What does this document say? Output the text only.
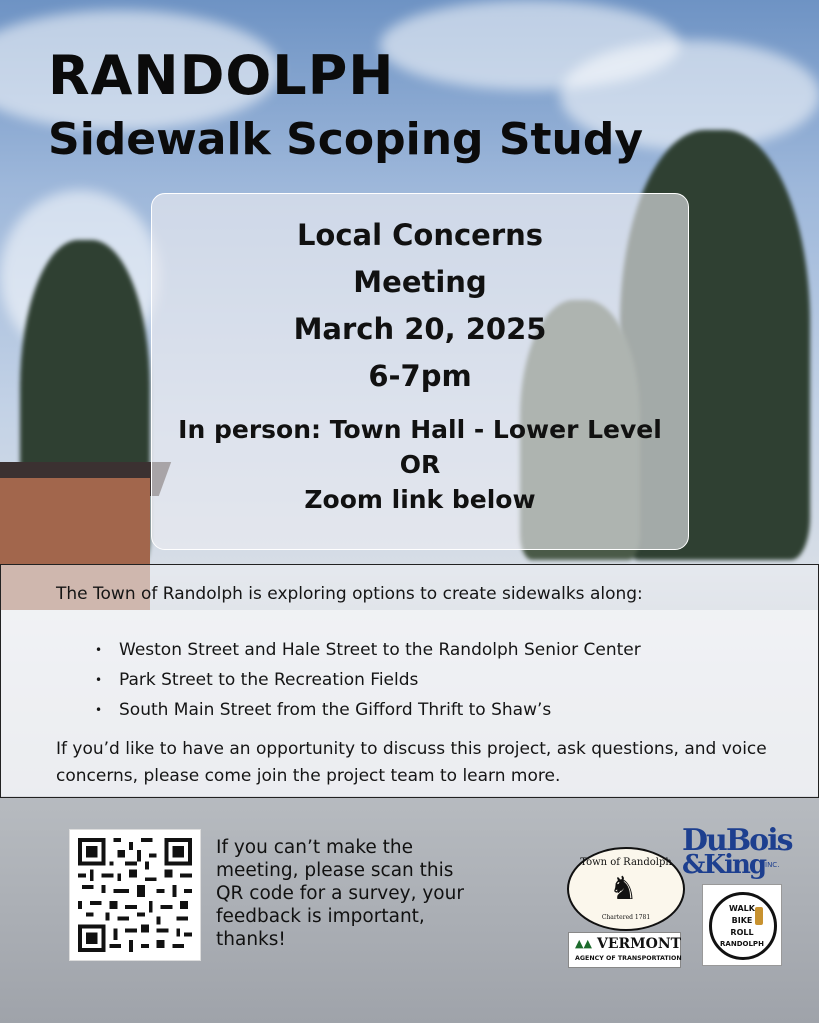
RANDOLPH
Sidewalk Scoping Study
Local Concerns
Meeting
March 20, 2025
6-7pm
In person: Town Hall - Lower Level
OR
Zoom link below
The Town of Randolph is exploring options to create sidewalks along:
• Weston Street and Hale Street to the Randolph Senior Center
• Park Street to the Recreation Fields
• South Main Street from the Gifford Thrift to Shaw’s
If you’d like to have an opportunity to discuss this project, ask questions, and voice concerns, please come join the project team to learn more.
If you can’t make the meeting, please scan this QR code for a survey, your feedback is important, thanks!
Town of Randolph
♞
Chartered 1781
▲▲ VERMONT
AGENCY OF TRANSPORTATION
DuBois
&King INC.
WALK
BIKE
ROLL
RANDOLPH
